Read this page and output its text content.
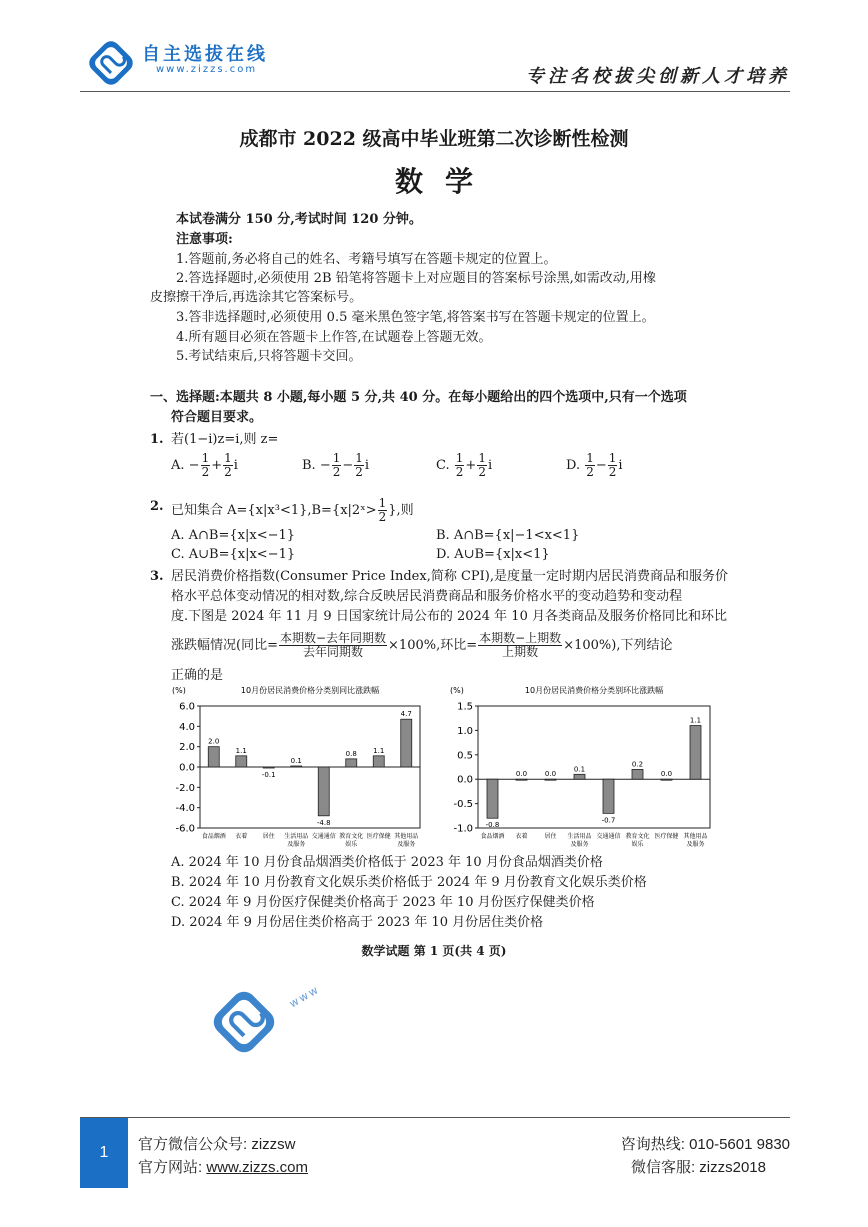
自主选拔在线
www.zizzs.com	专注名校拔尖创新人才培养
成都市 2022 级高中毕业班第二次诊断性检测
数学
本试卷满分 150 分,考试时间 120 分钟。
注意事项:
1.答题前,务必将自己的姓名、考籍号填写在答题卡规定的位置上。
2.答选择题时,必须使用 2B 铅笔将答题卡上对应题目的答案标号涂黑,如需改动,用橡
皮擦擦干净后,再选涂其它答案标号。
3.答非选择题时,必须使用 0.5 毫米黑色签字笔,将答案书写在答题卡规定的位置上。
4.所有题目必须在答题卡上作答,在试题卷上答题无效。
5.考试结束后,只将答题卡交回。
一、选择题:本题共 8 小题,每小题 5 分,共 40 分。在每小题给出的四个选项中,只有一个选项
符合题目要求。
1. 若(1−i)z=i,则 z=
A. − $\frac{1}{2} + \frac{1}{2}$ i	B. − $\frac{1}{2} - \frac{1}{2}$ i	C. $\frac{1}{2} + \frac{1}{2}$ i	D. $\frac{1}{2} - \frac{1}{2}$ i
2. 已知集合 A={x|x³<1},B={x|2ˣ> $\frac{1}{2}$ },则
A. A∩B={x|x<−1}	B. A∩B={x|−1<x<1}
C. A∪B={x|x<−1}	D. A∪B={x|x<1}
3. 居民消费价格指数(Consumer Price Index,简称 CPI),是度量一定时期内居民消费商品和服务价
格水平总体变动情况的相对数,综合反映居民消费商品和服务价格水平的变动趋势和变动程
度.下图是 2024 年 11 月 9 日国家统计局公布的 2024 年 10 月各类商品及服务价格同比和环比
涨跌幅情况(同比= $\frac{\text{本期数−去年同期数}}{\text{去年同期数}} \times 100\%$,环比= $\frac{\text{本期数−上期数}}{\text{上期数}} \times 100\%$),下列结论
正确的是
(%)	10月份居民消费价格分类别同比涨跌幅
6.0
4.0
2.0
0.0
-2.0
-4.0
-6.0
2.0
食品烟酒
1.1
衣着
-0.1
居住
0.1
生活用品
及服务
-4.8
交通通信
0.8
教育文化
娱乐
1.1
医疗保健
4.7
其他用品
及服务
(%)	10月份居民消费价格分类别环比涨跌幅
1.5
1.0
0.5
0.0
-0.5
-1.0 -0.8
食品烟酒
0.0
衣着
0.0
居住
0.1
生活用品
及服务
-0.7
交通通信
0.2
教育文化
娱乐
0.0
医疗保健
1.1
其他用品
及服务
A. 2024 年 10 月份食品烟酒类价格低于 2023 年 10 月份食品烟酒类价格
B. 2024 年 10 月份教育文化娱乐类价格低于 2024 年 9 月份教育文化娱乐类价格
C. 2024 年 9 月份医疗保健类价格高于 2023 年 10 月份医疗保健类价格
D. 2024 年 9 月份居住类价格高于 2023 年 10 月份居住类价格
数学试题 第 1 页(共 4 页)
www
1	官方微信公众号: zizzsw
官方网站: www.zizzs.com
咨询热线: 010-5601 9830
微信客服: zizzs2018
